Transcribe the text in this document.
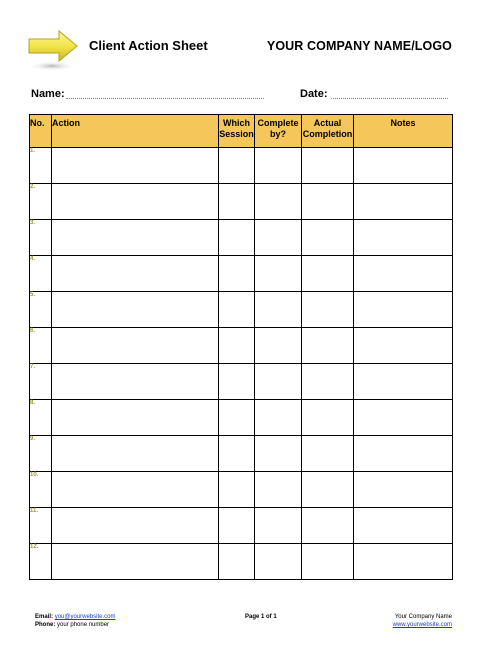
Client Action Sheet	YOUR COMPANY NAME/LOGO
Name:	Date:
No.	Action	Which Session	Complete by?	Actual Completion	Notes
1.					
2.					
3.					
4.					
5.					
6.					
7.					
8.					
9.					
10.					
11.					
12.					
Email: you@yourwebsite.com
Phone: your phone number
Page 1 of 1	Your Company Name
www.yourwebsite.com
